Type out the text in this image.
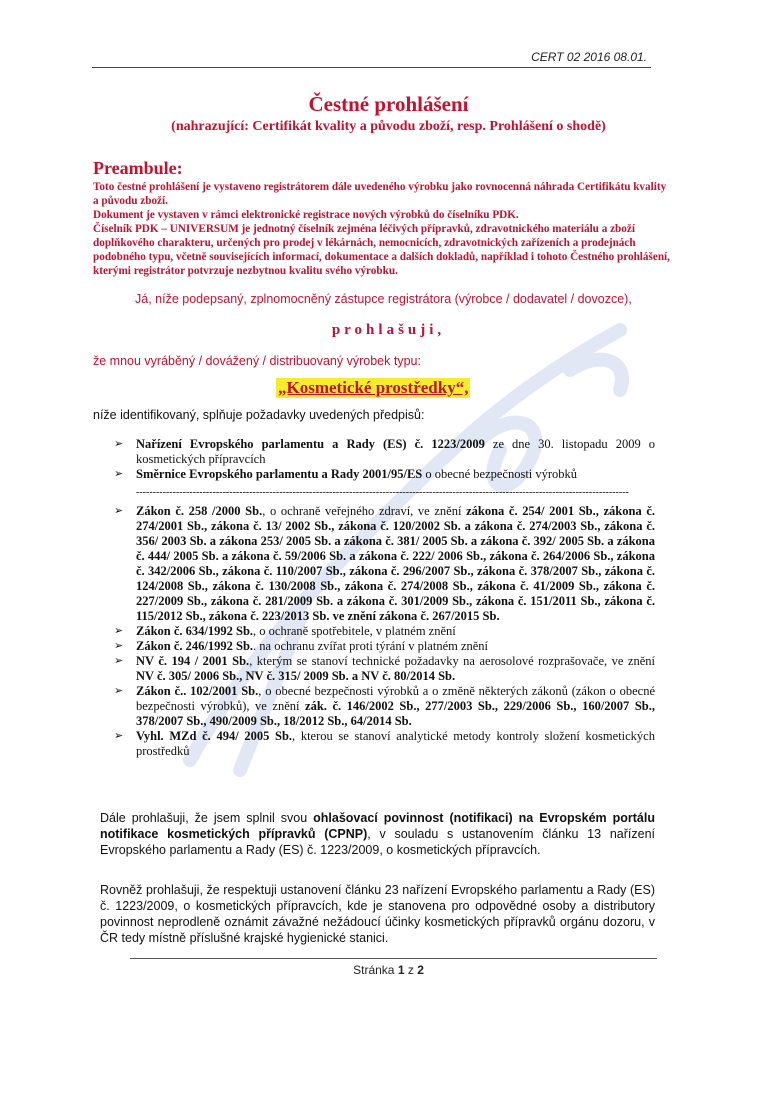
CERT 02 2016 08.01.
Čestné prohlášení
(nahrazující: Certifikát kvality a původu zboží, resp. Prohlášení o shodě)
Preambule:

Toto čestné prohlášení je vystaveno registrátorem dále uvedeného výrobku jako rovnocenná náhrada Certifikátu kvality a původu zboží.

Dokument je vystaven v rámci elektronické registrace nových výrobků do číselníku PDK.

Číselník PDK – UNIVERSUM je jednotný číselník zejména léčivých přípravků, zdravotnického materiálu a zboží doplňkového charakteru, určených pro prodej v lékárnách, nemocnicích, zdravotnických zařízeních a prodejnách podobného typu, včetně souvisejících informací, dokumentace a dalších dokladů, například i tohoto Čestného prohlášení, kterými registrátor potvrzuje nezbytnou kvalitu svého výrobku.

Já, níže podepsaný, zplnomocněný zástupce registrátora (výrobce / dodavatel / dovozce),
prohlašuji,
že mnou vyráběný / dovážený / distribuovaný výrobek typu:
„Kosmetické prostředky“,
níže identifikovaný, splňuje požadavky uvedených předpisů:
➢ Nařízení Evropského parlamentu a Rady (ES) č. 1223/2009 ze dne 30. listopadu 2009 o kosmetických přípravcích
➢ Směrnice Evropského parlamentu a Rady 2001/95/ES o obecné bezpečnosti výrobků
----------------------------------------------------------------------------------------------------------------------------------------------------
➢ Zákon č. 258 /2000 Sb., o ochraně veřejného zdraví, ve znění zákona č. 254/ 2001 Sb., zákona č. 274/2001 Sb., zákona č. 13/ 2002 Sb., zákona č. 120/2002 Sb. a zákona č. 274/2003 Sb., zákona č. 356/ 2003 Sb. a zákona 253/ 2005 Sb. a zákona č. 381/ 2005 Sb. a zákona č. 392/ 2005 Sb. a zákona č. 444/ 2005 Sb. a zákona č. 59/2006 Sb. a zákona č. 222/ 2006 Sb., zákona č. 264/2006 Sb., zákona č. 342/2006 Sb., zákona č. 110/2007 Sb., zákona č. 296/2007 Sb., zákona č. 378/2007 Sb., zákona č. 124/2008 Sb., zákona č. 130/2008 Sb., zákona č. 274/2008 Sb., zákona č. 41/2009 Sb., zákona č. 227/2009 Sb., zákona č. 281/2009 Sb. a zákona č. 301/2009 Sb., zákona č. 151/2011 Sb., zákona č. 115/2012 Sb., zákona č. 223/2013 Sb. ve znění zákona č. 267/2015 Sb.
➢ Zákon č. 634/1992 Sb., o ochraně spotřebitele, v platném znění
➢ Zákon č. 246/1992 Sb.. na ochranu zvířat proti týrání v platném znění
➢ NV č. 194 / 2001 Sb., kterým se stanoví technické požadavky na aerosolové rozprašovače, ve znění NV č. 305/ 2006 Sb., NV č. 315/ 2009 Sb. a NV č. 80/2014 Sb.
➢ Zákon č.. 102/2001 Sb., o obecné bezpečnosti výrobků a o změně některých zákonů (zákon o obecné bezpečnosti výrobků), ve znění zák. č. 146/2002 Sb., 277/2003 Sb., 229/2006 Sb., 160/2007 Sb., 378/2007 Sb., 490/2009 Sb., 18/2012 Sb., 64/2014 Sb.
➢ Vyhl. MZd č. 494/ 2005 Sb., kterou se stanoví analytické metody kontroly složení kosmetických prostředků
Dále prohlašuji, že jsem splnil svou ohlašovací povinnost (notifikaci) na Evropském portálu notifikace kosmetických přípravků (CPNP), v souladu s ustanovením článku 13 nařízení Evropského parlamentu a Rady (ES) č. 1223/2009, o kosmetických přípravcích.
Rovněž prohlašuji, že respektuji ustanovení článku 23 nařízení Evropského parlamentu a Rady (ES) č. 1223/2009, o kosmetických přípravcích, kde je stanovena pro odpovědné osoby a distributory povinnost neprodleně oznámit závažné nežádoucí účinky kosmetických přípravků orgánu dozoru, v ČR tedy místně příslušné krajské hygienické stanici.
Stránka 1 z 2
